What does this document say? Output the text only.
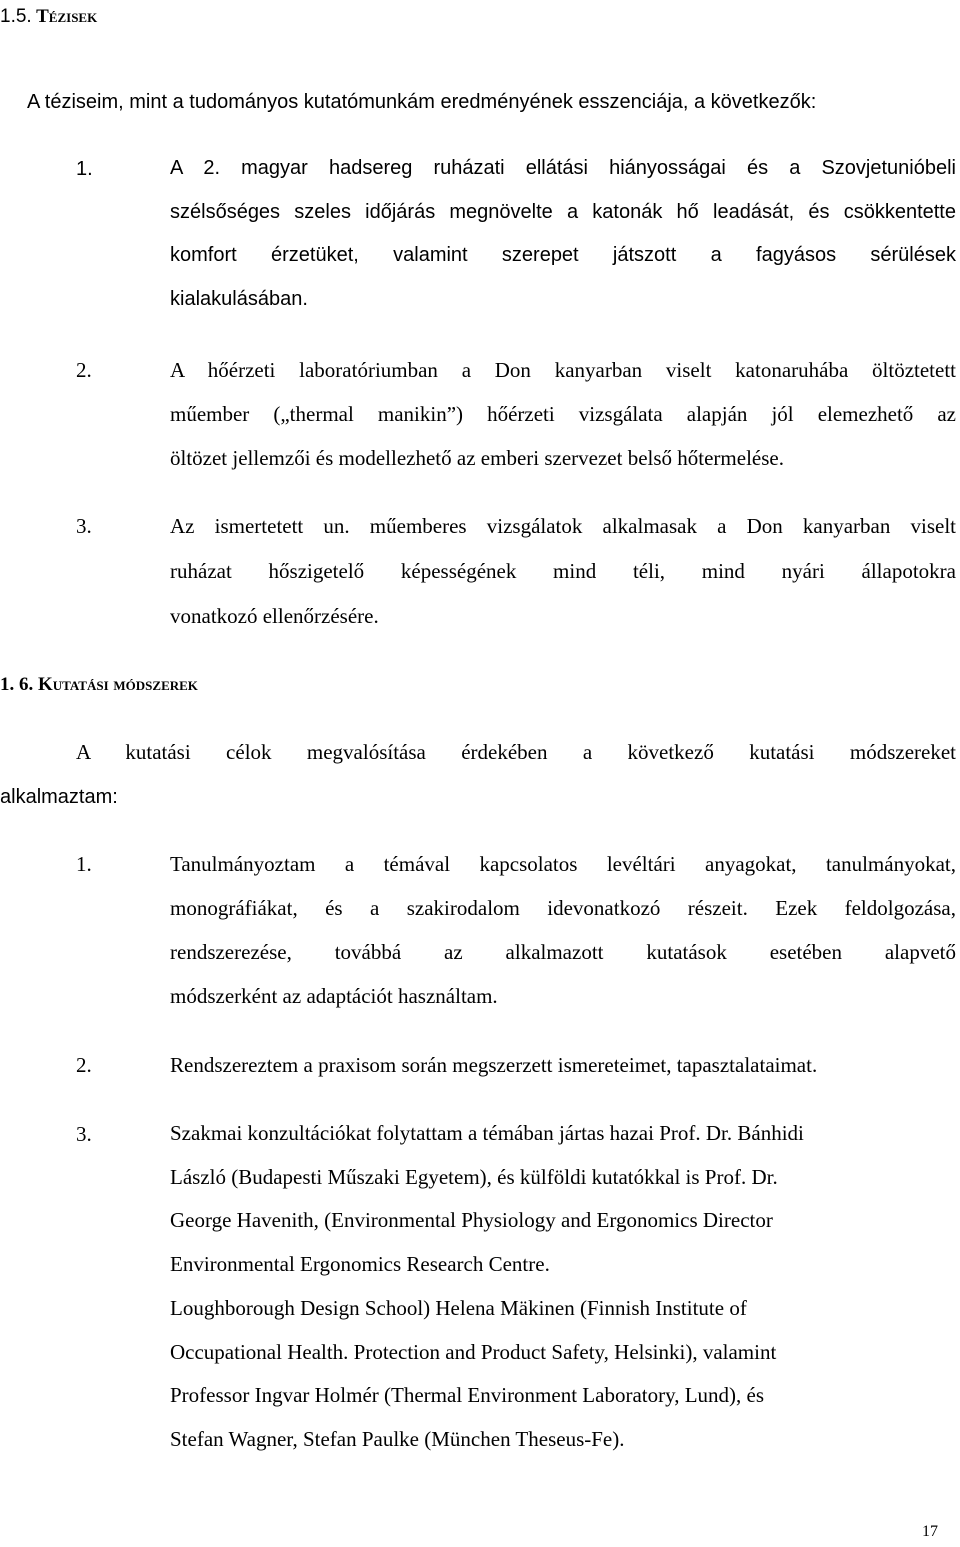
1.5. Tézisek
A téziseim, mint a tudományos kutatómunkám eredményének esszenciája, a következők:
1.	A 2. magyar hadsereg ruházati ellátási hiányosságai és a Szovjetunióbeli
szélsőséges szeles időjárás megnövelte a katonák hő leadását, és csökkentette
komfort érzetüket, valamint szerepet játszott a fagyásos sérülések
kialakulásában.
2.	A hőérzeti laboratóriumban a Don kanyarban viselt katonaruhába öltöztetett
műember („thermal manikin”) hőérzeti vizsgálata alapján jól elemezhető az
öltözet jellemzői és modellezhető az emberi szervezet belső hőtermelése.
3.	Az ismertetett un. műemberes vizsgálatok alkalmasak a Don kanyarban viselt
ruházat hőszigetelő képességének mind téli, mind nyári állapotokra
vonatkozó ellenőrzésére.
1. 6. Kutatási módszerek
A kutatási célok megvalósítása érdekében a következő kutatási módszereket
alkalmaztam:
1.	Tanulmányoztam a témával kapcsolatos levéltári anyagokat, tanulmányokat,
monográfiákat, és a szakirodalom idevonatkozó részeit. Ezek feldolgozása,
rendszerezése, továbbá az alkalmazott kutatások esetében alapvető
módszerként az adaptációt használtam.
2.	Rendszereztem a praxisom során megszerzett ismereteimet, tapasztalataimat.
3.	Szakmai konzultációkat folytattam a témában jártas hazai Prof. Dr. Bánhidi
László (Budapesti Műszaki Egyetem), és külföldi kutatókkal is Prof. Dr.
George Havenith, (Environmental Physiology and Ergonomics Director
Environmental Ergonomics Research Centre.
Loughborough Design School) Helena Mäkinen (Finnish Institute of
Occupational Health. Protection and Product Safety, Helsinki), valamint
Professor Ingvar Holmér (Thermal Environment Laboratory, Lund), és
Stefan Wagner, Stefan Paulke (München Theseus-Fe).
17
